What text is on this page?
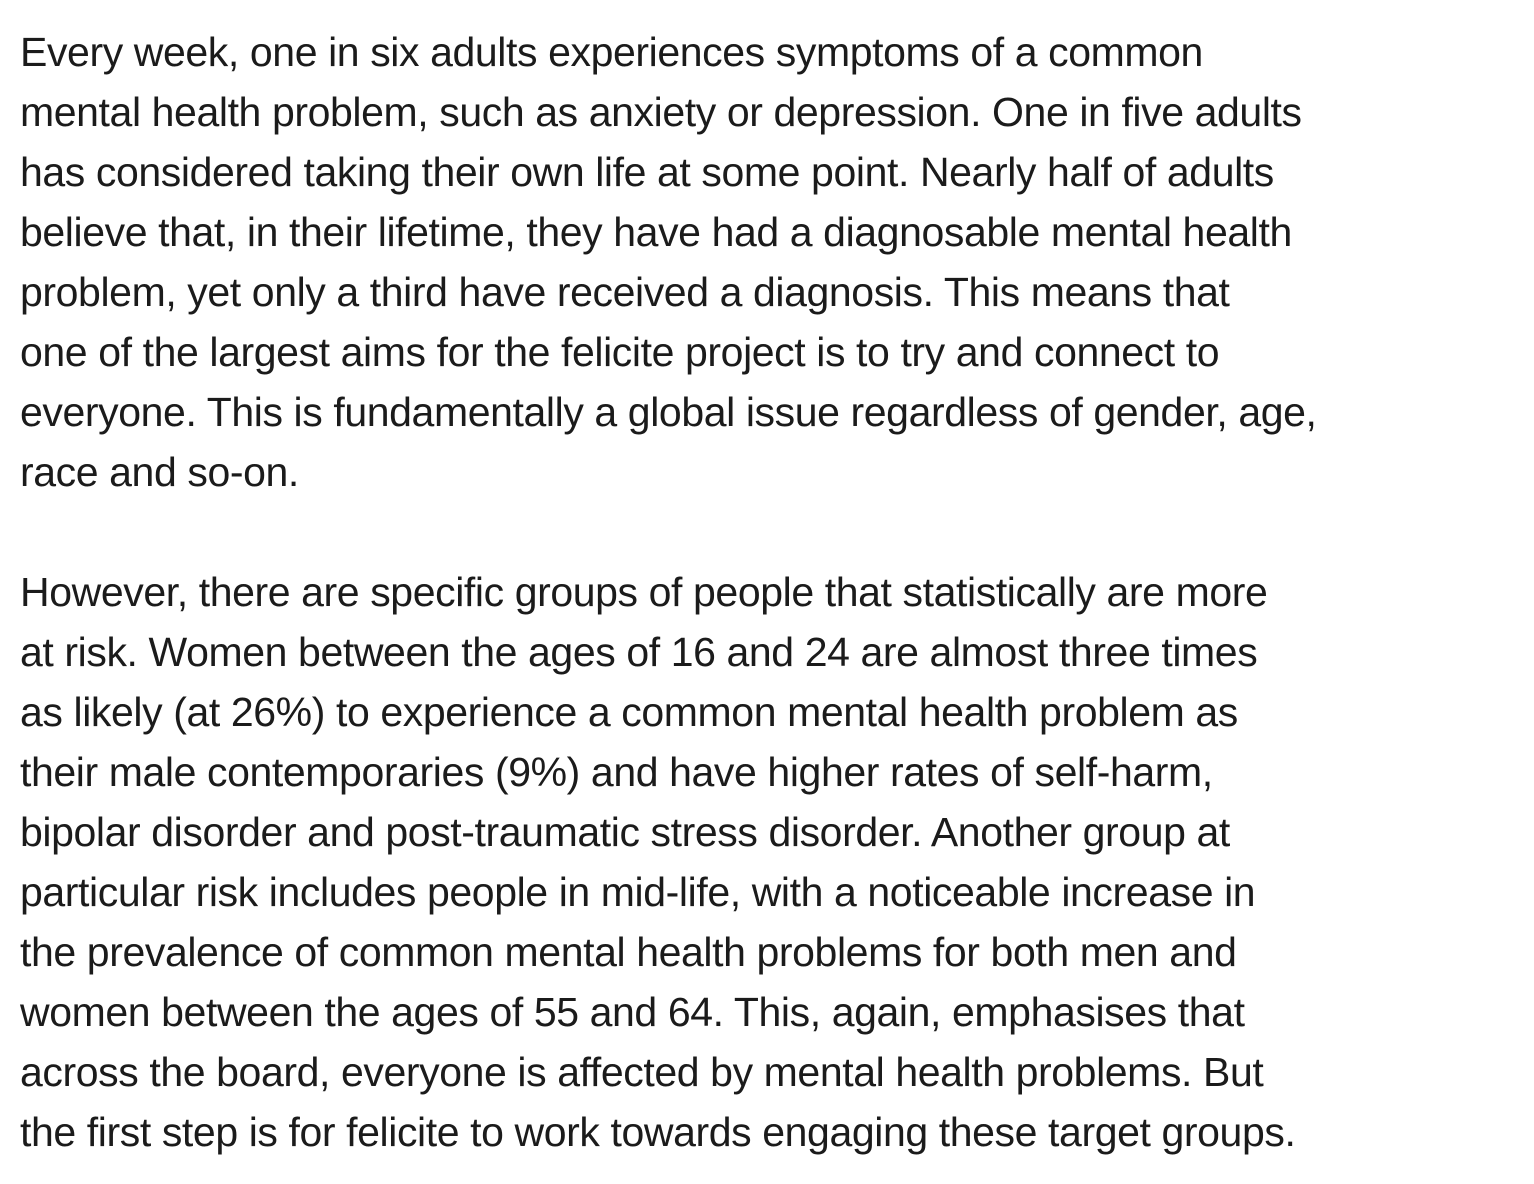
Every week, one in six adults experiences symptoms of a common
mental health problem, such as anxiety or depression. One in five adults
has considered taking their own life at some point. Nearly half of adults
believe that, in their lifetime, they have had a diagnosable mental health
problem, yet only a third have received a diagnosis. This means that
one of the largest aims for the felicite project is to try and connect to
everyone. This is fundamentally a global issue regardless of gender, age,
race and so-on.
However, there are specific groups of people that statistically are more
at risk. Women between the ages of 16 and 24 are almost three times
as likely (at 26%) to experience a common mental health problem as
their male contemporaries (9%) and have higher rates of self-harm,
bipolar disorder and post-traumatic stress disorder. Another group at
particular risk includes people in mid-life, with a noticeable increase in
the prevalence of common mental health problems for both men and
women between the ages of 55 and 64. This, again, emphasises that
across the board, everyone is affected by mental health problems. But
the first step is for felicite to work towards engaging these target groups.
